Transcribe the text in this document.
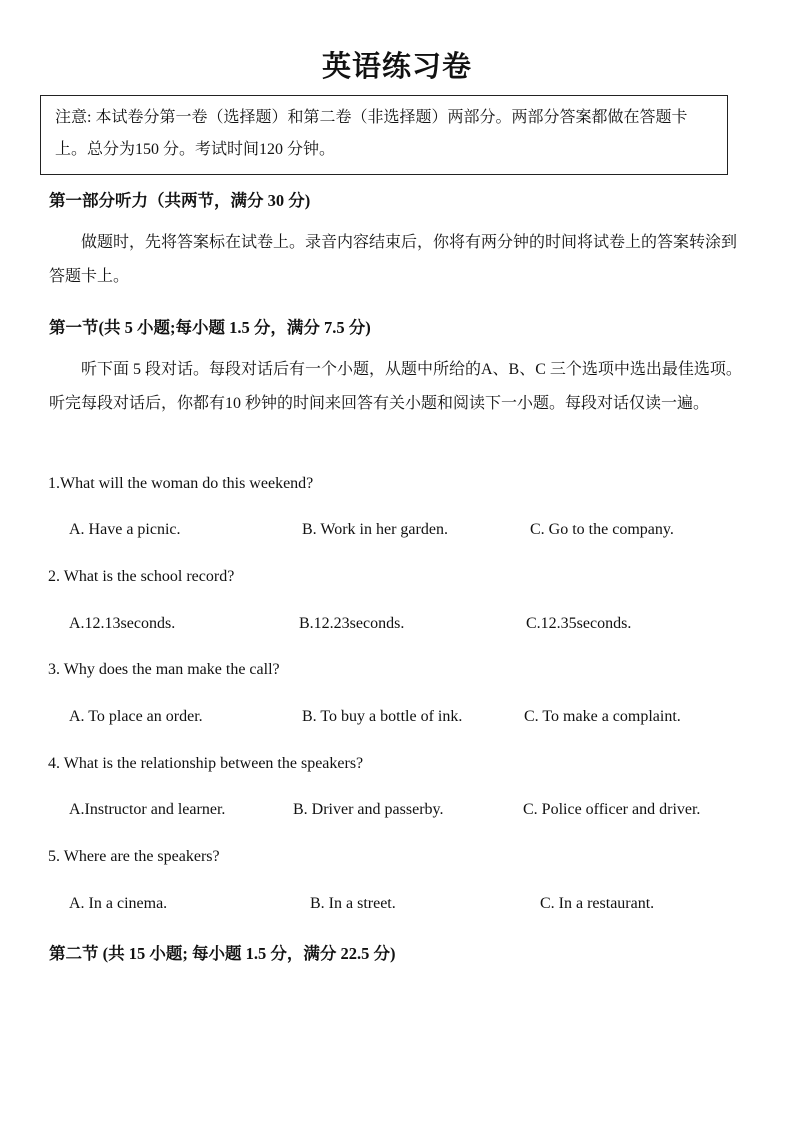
英语练习卷
注意: 本试卷分第一卷（选择题）和第二卷（非选择题）两部分。两部分答案都做在答题卡上。总分为150 分。考试时间120 分钟。
第一部分听力（共两节，满分 30 分)
做题时，先将答案标在试卷上。录音内容结束后，你将有两分钟的时间将试卷上的答案转涂到答题卡上。
第一节(共 5 小题;每小题 1.5 分，满分 7.5 分)
听下面 5 段对话。每段对话后有一个小题，从题中所给的A、B、C 三个选项中选出最佳选项。听完每段对话后，你都有10 秒钟的时间来回答有关小题和阅读下一小题。每段对话仅读一遍。
1.What will the woman do this weekend?
A. Have a picnic.	B. Work in her garden.	C. Go to the company.
2. What is the school record?
A.12.13seconds.	B.12.23seconds.	C.12.35seconds.
3. Why does the man make the call?
A. To place an order.	B. To buy a bottle of ink.	C. To make a complaint.
4. What is the relationship between the speakers?
A.Instructor and learner.	B. Driver and passerby.	C. Police officer and driver.
5. Where are the speakers?
A. In a cinema.	B. In a street.	C. In a restaurant.
第二节 (共 15 小题; 每小题 1.5 分，满分 22.5 分)
